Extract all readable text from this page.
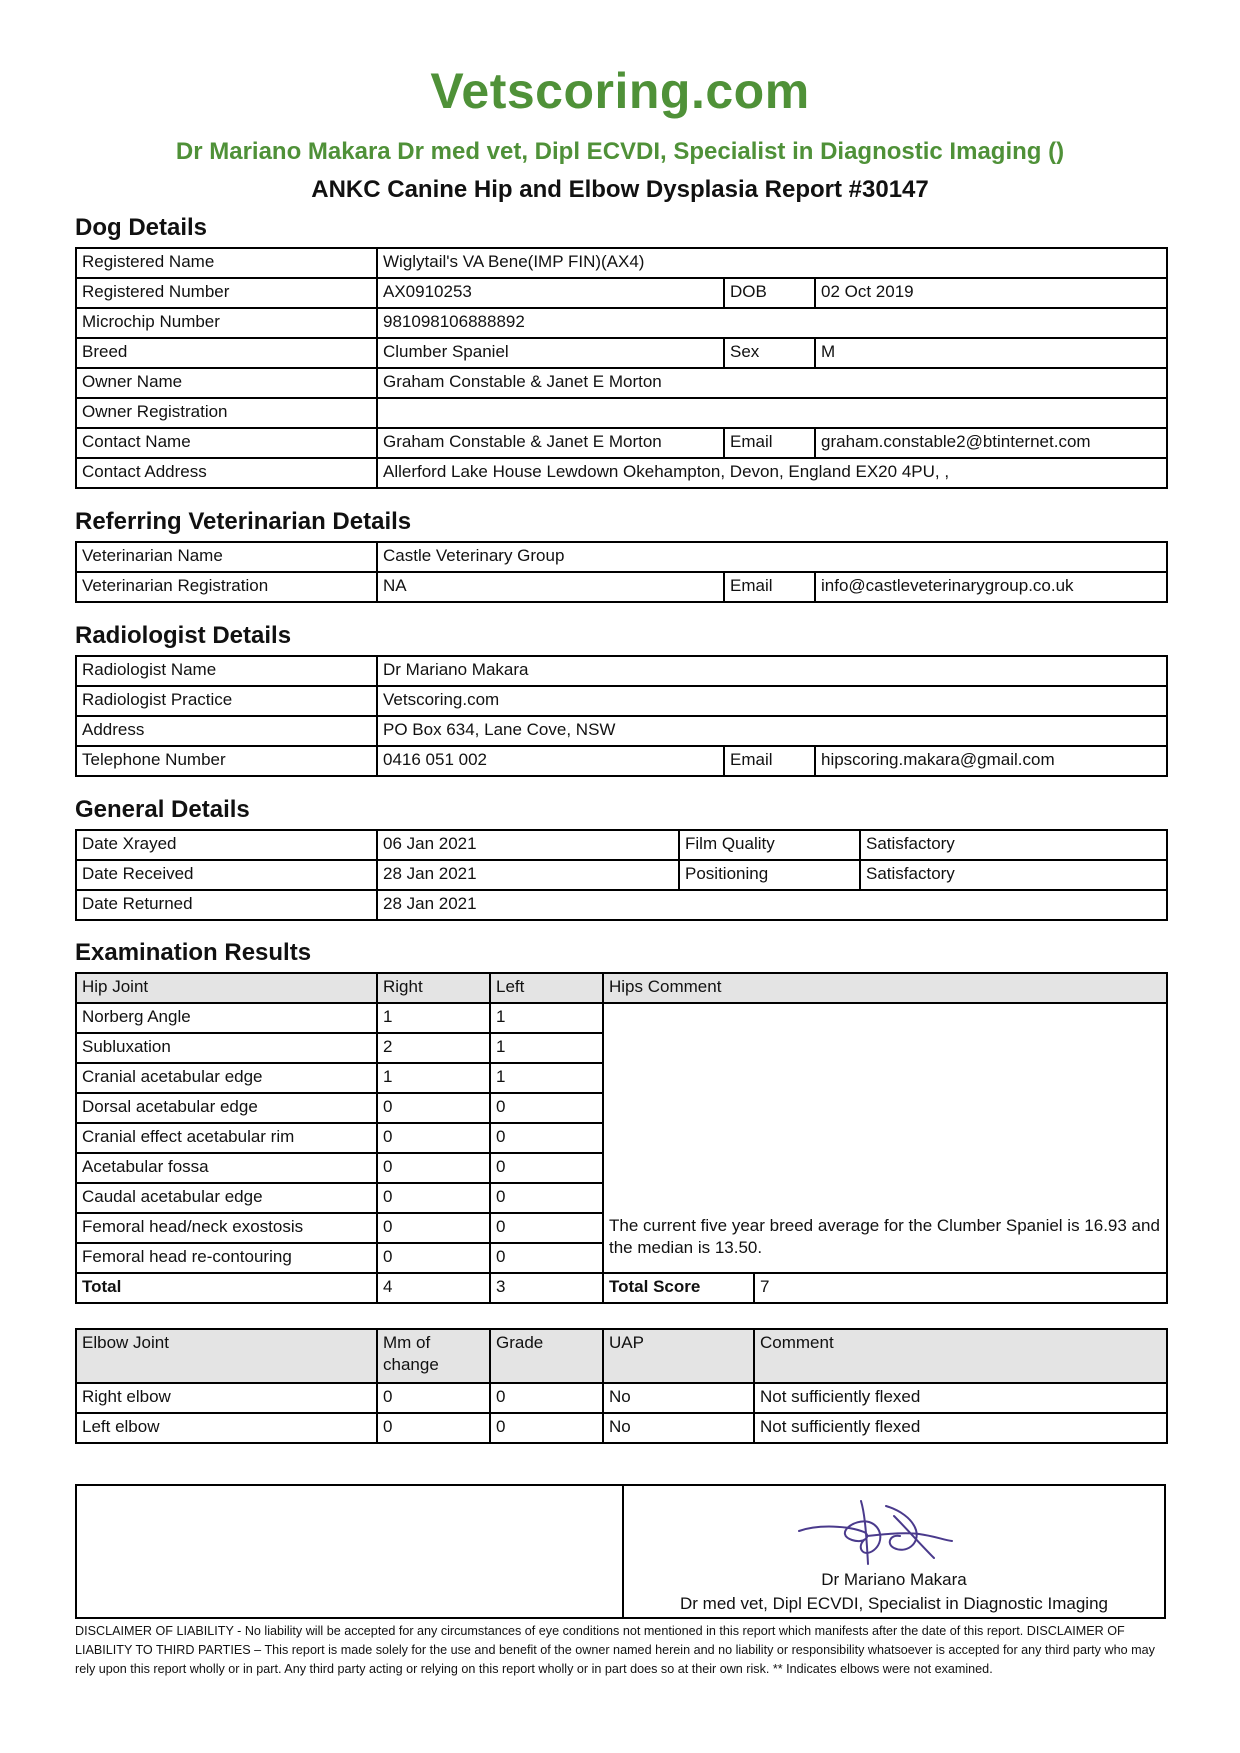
Vetscoring.com
Dr Mariano Makara Dr med vet, Dipl ECVDI, Specialist in Diagnostic Imaging ()
ANKC Canine Hip and Elbow Dysplasia Report #30147
Dog Details
Registered Name	Wiglytail's VA Bene(IMP FIN)(AX4)		
Registered Number	AX0910253	DOB	02 Oct 2019
Microchip Number	981098106888892		
Breed	Clumber Spaniel	Sex	M
Owner Name	Graham Constable & Janet E Morton		
Owner Registration			
Contact Name	Graham Constable & Janet E Morton	Email	graham.constable2@btinternet.com
Contact Address	Allerford Lake House Lewdown Okehampton, Devon, England EX20 4PU, ,		
Referring Veterinarian Details
Veterinarian Name	Castle Veterinary Group		
Veterinarian Registration	NA	Email	info@castleveterinarygroup.co.uk
Radiologist Details
Radiologist Name	Dr Mariano Makara		
Radiologist Practice	Vetscoring.com		
Address	PO Box 634, Lane Cove, NSW		
Telephone Number	0416 051 002	Email	hipscoring.makara@gmail.com
General Details
Date Xrayed	06 Jan 2021	Film Quality	Satisfactory
Date Received	28 Jan 2021	Positioning	Satisfactory
Date Returned	28 Jan 2021		
Examination Results
Hip Joint	Right	Left	Hips Comment	
Norberg Angle	1	1		
Subluxation	2	1		
Cranial acetabular edge	1	1		
Dorsal acetabular edge	0	0		
Cranial effect acetabular rim	0	0		
Acetabular fossa	0	0		
Caudal acetabular edge	0	0		
Femoral head/neck exostosis	0	0	The current five year breed average for the Clumber Spaniel is 16.93 and the median is 13.50.	
Femoral head re-contouring	0	0		
Total	4	3	Total Score	7
Elbow Joint	Mm of change	Grade	UAP	Comment
Right elbow	0	0	No	Not sufficiently flexed
Left elbow	0	0	No	Not sufficiently flexed
Dr Mariano Makara
Dr med vet, Dipl ECVDI, Specialist in Diagnostic Imaging
DISCLAIMER OF LIABILITY - No liability will be accepted for any circumstances of eye conditions not mentioned in this report which manifests after the date of this report. DISCLAIMER OF LIABILITY TO THIRD PARTIES – This report is made solely for the use and benefit of the owner named herein and no liability or responsibility whatsoever is accepted for any third party who may rely upon this report wholly or in part. Any third party acting or relying on this report wholly or in part does so at their own risk. ** Indicates elbows were not examined.
